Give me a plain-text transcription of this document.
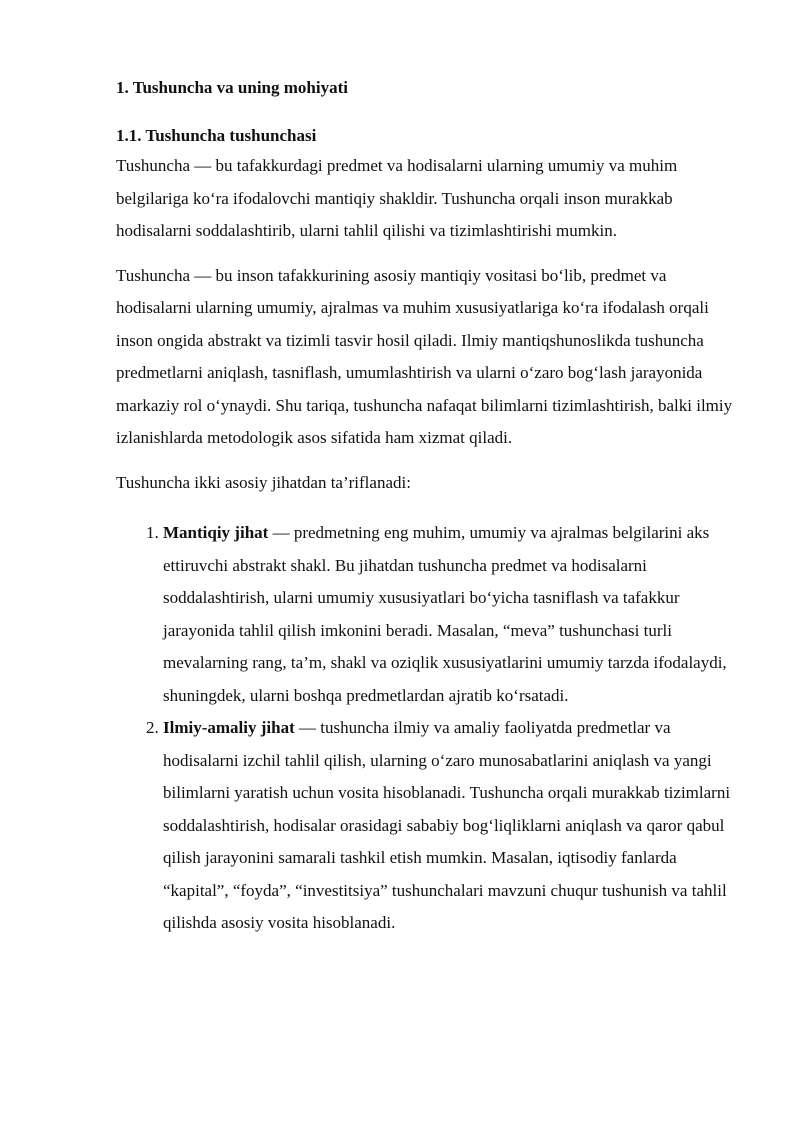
1. Tushuncha va uning mohiyati
1.1. Tushuncha tushunchasi

Tushuncha — bu tafakkurdagi predmet va hodisalarni ularning umumiy va muhim belgilariga ko‘ra ifodalovchi mantiqiy shakldir. Tushuncha orqali inson murakkab hodisalarni soddalashtirib, ularni tahlil qilishi va tizimlashtirishi mumkin.

Tushuncha — bu inson tafakkurining asosiy mantiqiy vositasi bo‘lib, predmet va hodisalarni ularning umumiy, ajralmas va muhim xususiyatlariga ko‘ra ifodalash orqali inson ongida abstrakt va tizimli tasvir hosil qiladi. Ilmiy mantiqshunoslikda tushuncha predmetlarni aniqlash, tasniflash, umumlashtirish va ularni o‘zaro bog‘lash jarayonida markaziy rol o‘ynaydi. Shu tariqa, tushuncha nafaqat bilimlarni tizimlashtirish, balki ilmiy izlanishlarda metodologik asos sifatida ham xizmat qiladi.

Tushuncha ikki asosiy jihatdan ta’riflanadi:

1. Mantiqiy jihat — predmetning eng muhim, umumiy va ajralmas belgilarini aks ettiruvchi abstrakt shakl. Bu jihatdan tushuncha predmet va hodisalarni soddalashtirish, ularni umumiy xususiyatlari bo‘yicha tasniflash va tafakkur jarayonida tahlil qilish imkonini beradi. Masalan, “meva” tushunchasi turli mevalarning rang, ta’m, shakl va oziqlik xususiyatlarini umumiy tarzda ifodalaydi, shuningdek, ularni boshqa predmetlardan ajratib ko‘rsatadi.
2. Ilmiy-amaliy jihat — tushuncha ilmiy va amaliy faoliyatda predmetlar va hodisalarni izchil tahlil qilish, ularning o‘zaro munosabatlarini aniqlash va yangi bilimlarni yaratish uchun vosita hisoblanadi. Tushuncha orqali murakkab tizimlarni soddalashtirish, hodisalar orasidagi sababiy bog‘liqliklarni aniqlash va qaror qabul qilish jarayonini samarali tashkil etish mumkin. Masalan, iqtisodiy fanlarda “kapital”, “foyda”, “investitsiya” tushunchalari mavzuni chuqur tushunish va tahlil qilishda asosiy vosita hisoblanadi.
